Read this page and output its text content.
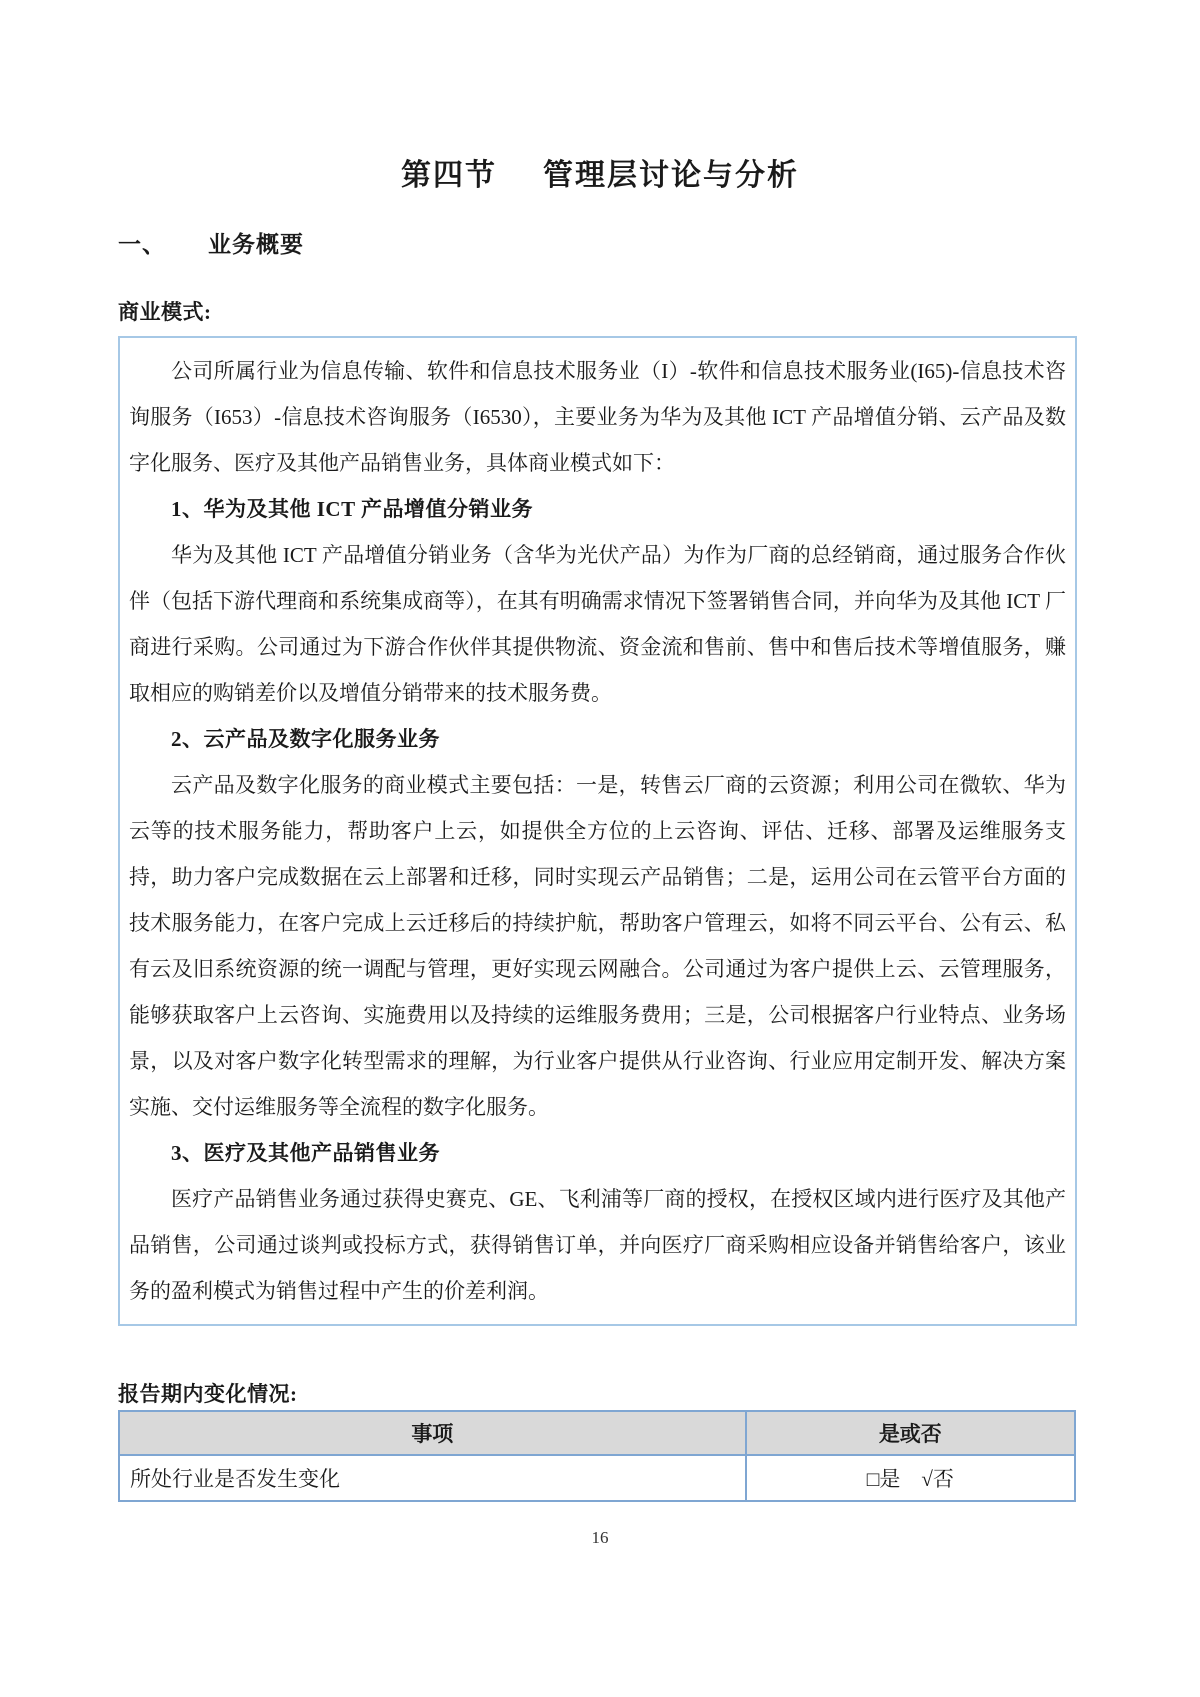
第四节 管理层讨论与分析
一、 业务概要
商业模式:

公司所属行业为信息传输、软件和信息技术服务业（I）-软件和信息技术服务业(I65)-信息技术咨询服务（I653）-信息技术咨询服务（I6530），主要业务为华为及其他 ICT 产品增值分销、云产品及数字化服务、医疗及其他产品销售业务，具体商业模式如下：

1、华为及其他 ICT 产品增值分销业务

华为及其他 ICT 产品增值分销业务（含华为光伏产品）为作为厂商的总经销商，通过服务合作伙伴（包括下游代理商和系统集成商等），在其有明确需求情况下签署销售合同，并向华为及其他 ICT 厂商进行采购。公司通过为下游合作伙伴其提供物流、资金流和售前、售中和售后技术等增值服务，赚取相应的购销差价以及增值分销带来的技术服务费。

2、云产品及数字化服务业务

云产品及数字化服务的商业模式主要包括：一是，转售云厂商的云资源；利用公司在微软、华为云等的技术服务能力，帮助客户上云，如提供全方位的上云咨询、评估、迁移、部署及运维服务支持，助力客户完成数据在云上部署和迁移，同时实现云产品销售；二是，运用公司在云管平台方面的技术服务能力，在客户完成上云迁移后的持续护航，帮助客户管理云，如将不同云平台、公有云、私有云及旧系统资源的统一调配与管理，更好实现云网融合。公司通过为客户提供上云、云管理服务，能够获取客户上云咨询、实施费用以及持续的运维服务费用；三是，公司根据客户行业特点、业务场景，以及对客户数字化转型需求的理解，为行业客户提供从行业咨询、行业应用定制开发、解决方案实施、交付运维服务等全流程的数字化服务。

3、医疗及其他产品销售业务

医疗产品销售业务通过获得史赛克、GE、飞利浦等厂商的授权，在授权区域内进行医疗及其他产品销售，公司通过谈判或投标方式，获得销售订单，并向医疗厂商采购相应设备并销售给客户，该业务的盈利模式为销售过程中产生的价差利润。

报告期内变化情况:
事项	是或否
所处行业是否发生变化	□是　√否
16
